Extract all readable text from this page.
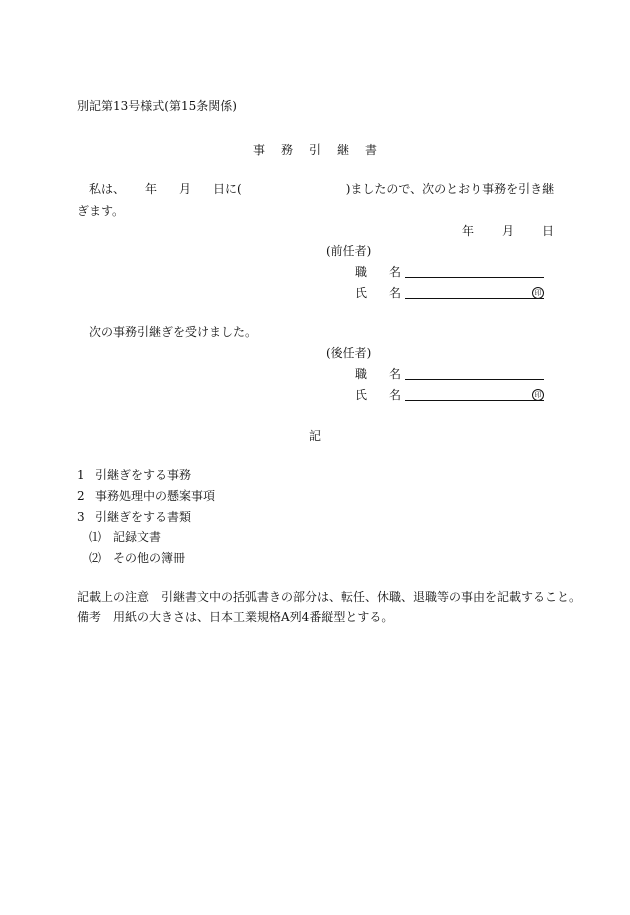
別記第13号様式(第15条関係)
事 務 引 継 書
私は、 年 月 日に(	)ましたので、次のとおり事務を引き継
ぎます。
年 月 日
(前任者)
職 名
氏 名	印
次の事務引継ぎを受けました。
(後任者)
職 名
氏 名	印
記
1 引継ぎをする事務
2 事務処理中の懸案事項
3 引継ぎをする書類
⑴ 記録文書
⑵ その他の簿冊
記載上の注意 引継書文中の括弧書きの部分は、転任、休職、退職等の事由を記載すること。
備考 用紙の大きさは、日本工業規格A列4番縦型とする。
